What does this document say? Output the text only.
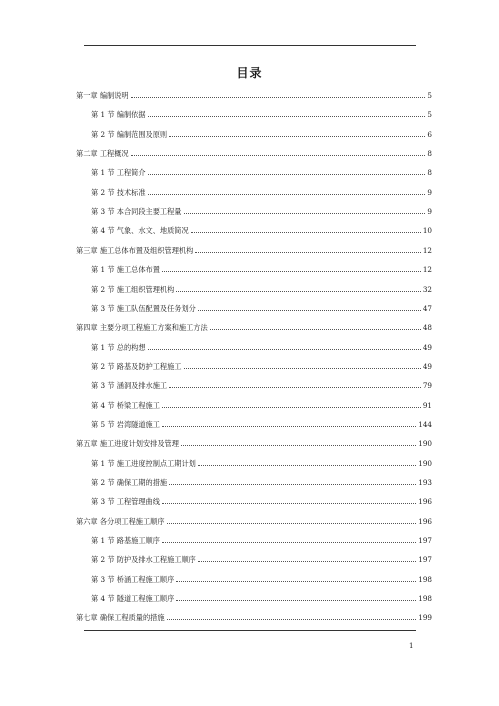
目录
第一章 编制说明	5
第 1 节 编制依据	5
第 2 节 编制范围及原则	6
第二章 工程概况	8
第 1 节 工程简介	8
第 2 节 技术标准	9
第 3 节 本合同段主要工程量	9
第 4 节 气象、水文、地质简况	10
第三章 施工总体布置及组织管理机构	12
第 1 节 施工总体布置	12
第 2 节 施工组织管理机构	32
第 3 节 施工队伍配置及任务划分	47
第四章 主要分项工程施工方案和施工方法	48
第 1 节 总的构想	49
第 2 节 路基及防护工程施工	49
第 3 节 涵洞及排水施工	79
第 4 节 桥梁工程施工	91
第 5 节 岩湾隧道施工	144
第五章 施工进度计划安排及管理	190
第 1 节 施工进度控制点工期计划	190
第 2 节 确保工期的措施	193
第 3 节 工程管理曲线	196
第六章 各分项工程施工顺序	196
第 1 节 路基施工顺序	197
第 2 节 防护及排水工程施工顺序	197
第 3 节 桥涵工程施工顺序	198
第 4 节 隧道工程施工顺序	198
第七章 确保工程质量的措施	199
1
